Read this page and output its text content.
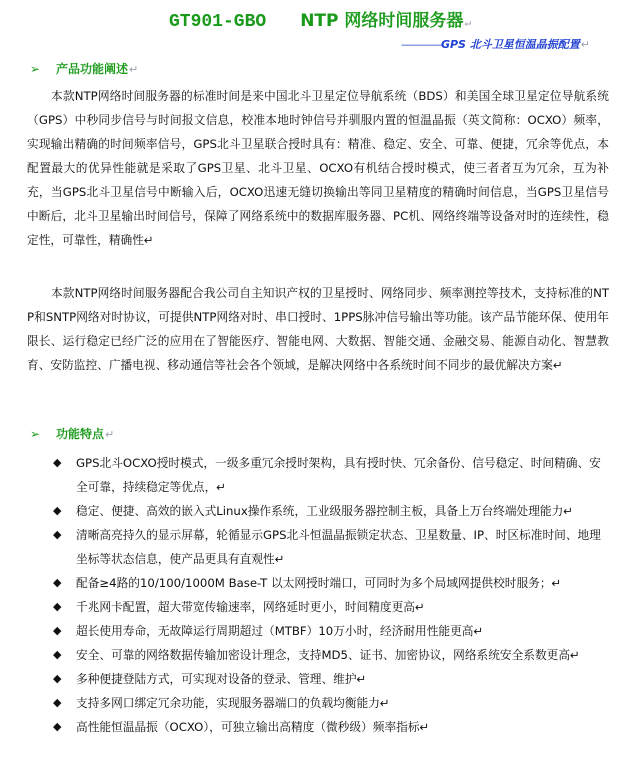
GT901-GBO NTP 网络时间服务器↵
————GPS 北斗卫星恒温晶振配置↵
➢ 产品功能阐述↵
本款NTP网络时间服务器的标准时间是来中国北斗卫星定位导航系统（BDS）和美国全球卫星定位导航系统（GPS）中秒同步信号与时间报文信息，校准本地时钟信号并驯服内置的恒温晶振（英文简称：OCXO）频率，实现输出精确的时间频率信号，GPS北斗卫星联合授时具有：精准、稳定、安全、可靠、便捷，冗余等优点，本配置最大的优异性能就是采取了GPS卫星、北斗卫星、OCXO有机结合授时模式，使三者者互为冗余，互为补充，当GPS北斗卫星信号中断输入后，OCXO迅速无缝切换输出等同卫星精度的精确时间信息，当GPS卫星信号中断后，北斗卫星输出时间信号，保障了网络系统中的数据库服务器、PC机、网络终端等设备对时的连续性，稳定性，可靠性，精确性↵
本款NTP网络时间服务器配合我公司自主知识产权的卫星授时、网络同步、频率测控等技术，支持标准的NTP和SNTP网络对时协议，可提供NTP网络对时、串口授时、1PPS脉冲信号输出等功能。该产品节能环保、使用年限长、运行稳定已经广泛的应用在了智能医疗、智能电网、大数据、智能交通、金融交易、能源自动化、智慧教育、安防监控、广播电视、移动通信等社会各个领域，是解决网络中各系统时间不同步的最优解决方案↵
➢ 功能特点↵
◆ GPS北斗OCXO授时模式，一级多重冗余授时架构，具有授时快、冗余备份、信号稳定、时间精确、安全可靠，持续稳定等优点，↵
◆ 稳定、便捷、高效的嵌入式Linux操作系统，工业级服务器控制主板，具备上万台终端处理能力↵
◆ 清晰高亮持久的显示屏幕，轮循显示GPS北斗恒温晶振锁定状态、卫星数量、IP、时区标准时间、地理坐标等状态信息，使产品更具有直观性↵
◆ 配备≥4路的10/100/1000M Base-T 以太网授时端口，可同时为多个局域网提供校时服务；↵
◆ 千兆网卡配置，超大带宽传输速率，网络延时更小，时间精度更高↵
◆ 超长使用寿命，无故障运行周期超过（MTBF）10万小时，经济耐用性能更高↵
◆ 安全、可靠的网络数据传输加密设计理念，支持MD5、证书、加密协议，网络系统安全系数更高↵
◆ 多种便捷登陆方式，可实现对设备的登录、管理、维护↵
◆ 支持多网口绑定冗余功能，实现服务器端口的负载均衡能力↵
◆ 高性能恒温晶振（OCXO），可独立输出高精度（微秒级）频率指标↵
